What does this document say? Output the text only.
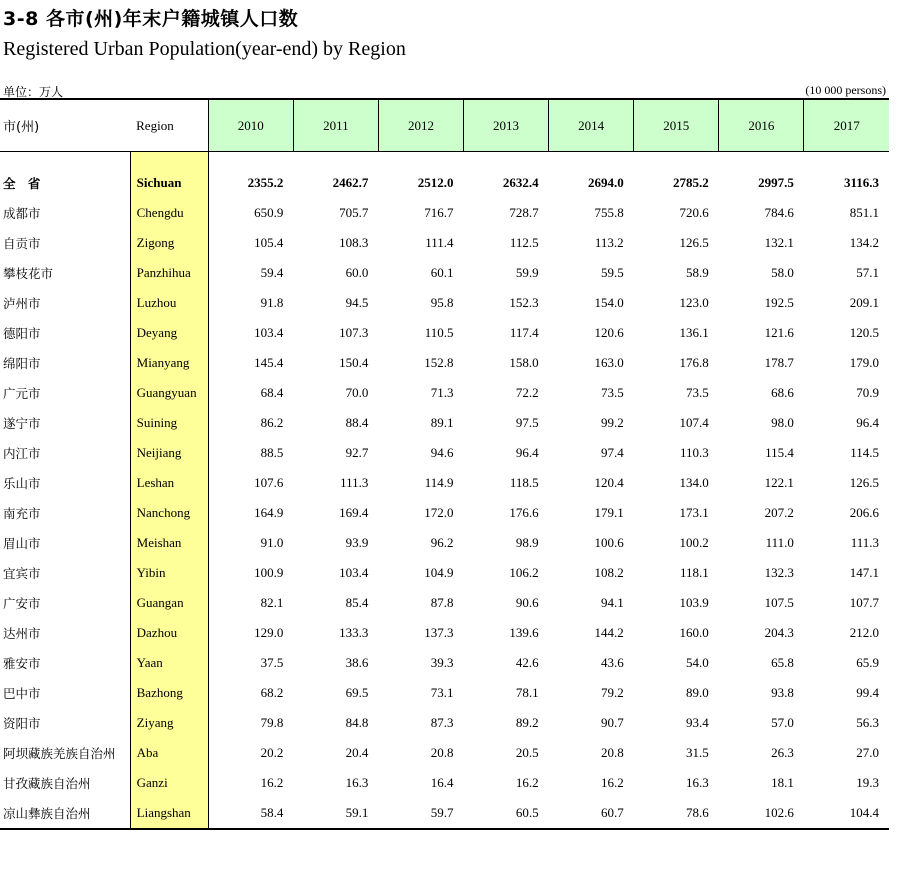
3-8 各市(州)年末户籍城镇人口数
Registered Urban Population(year-end) by Region
单位：万人	(10 000 persons)
市(州)	Region	2010	2011	2012	2013	2014	2015	2016	2017

全 省	Sichuan	2355.2	2462.7	2512.0	2632.4	2694.0	2785.2	2997.5	3116.3
成都市	Chengdu	650.9	705.7	716.7	728.7	755.8	720.6	784.6	851.1
自贡市	Zigong	105.4	108.3	111.4	112.5	113.2	126.5	132.1	134.2
攀枝花市	Panzhihua	59.4	60.0	60.1	59.9	59.5	58.9	58.0	57.1
泸州市	Luzhou	91.8	94.5	95.8	152.3	154.0	123.0	192.5	209.1
德阳市	Deyang	103.4	107.3	110.5	117.4	120.6	136.1	121.6	120.5
绵阳市	Mianyang	145.4	150.4	152.8	158.0	163.0	176.8	178.7	179.0
广元市	Guangyuan	68.4	70.0	71.3	72.2	73.5	73.5	68.6	70.9
遂宁市	Suining	86.2	88.4	89.1	97.5	99.2	107.4	98.0	96.4
内江市	Neijiang	88.5	92.7	94.6	96.4	97.4	110.3	115.4	114.5
乐山市	Leshan	107.6	111.3	114.9	118.5	120.4	134.0	122.1	126.5
南充市	Nanchong	164.9	169.4	172.0	176.6	179.1	173.1	207.2	206.6
眉山市	Meishan	91.0	93.9	96.2	98.9	100.6	100.2	111.0	111.3
宜宾市	Yibin	100.9	103.4	104.9	106.2	108.2	118.1	132.3	147.1
广安市	Guangan	82.1	85.4	87.8	90.6	94.1	103.9	107.5	107.7
达州市	Dazhou	129.0	133.3	137.3	139.6	144.2	160.0	204.3	212.0
雅安市	Yaan	37.5	38.6	39.3	42.6	43.6	54.0	65.8	65.9
巴中市	Bazhong	68.2	69.5	73.1	78.1	79.2	89.0	93.8	99.4
资阳市	Ziyang	79.8	84.8	87.3	89.2	90.7	93.4	57.0	56.3
阿坝藏族羌族自治州	Aba	20.2	20.4	20.8	20.5	20.8	31.5	26.3	27.0
甘孜藏族自治州	Ganzi	16.2	16.3	16.4	16.2	16.2	16.3	18.1	19.3
凉山彝族自治州	Liangshan	58.4	59.1	59.7	60.5	60.7	78.6	102.6	104.4
